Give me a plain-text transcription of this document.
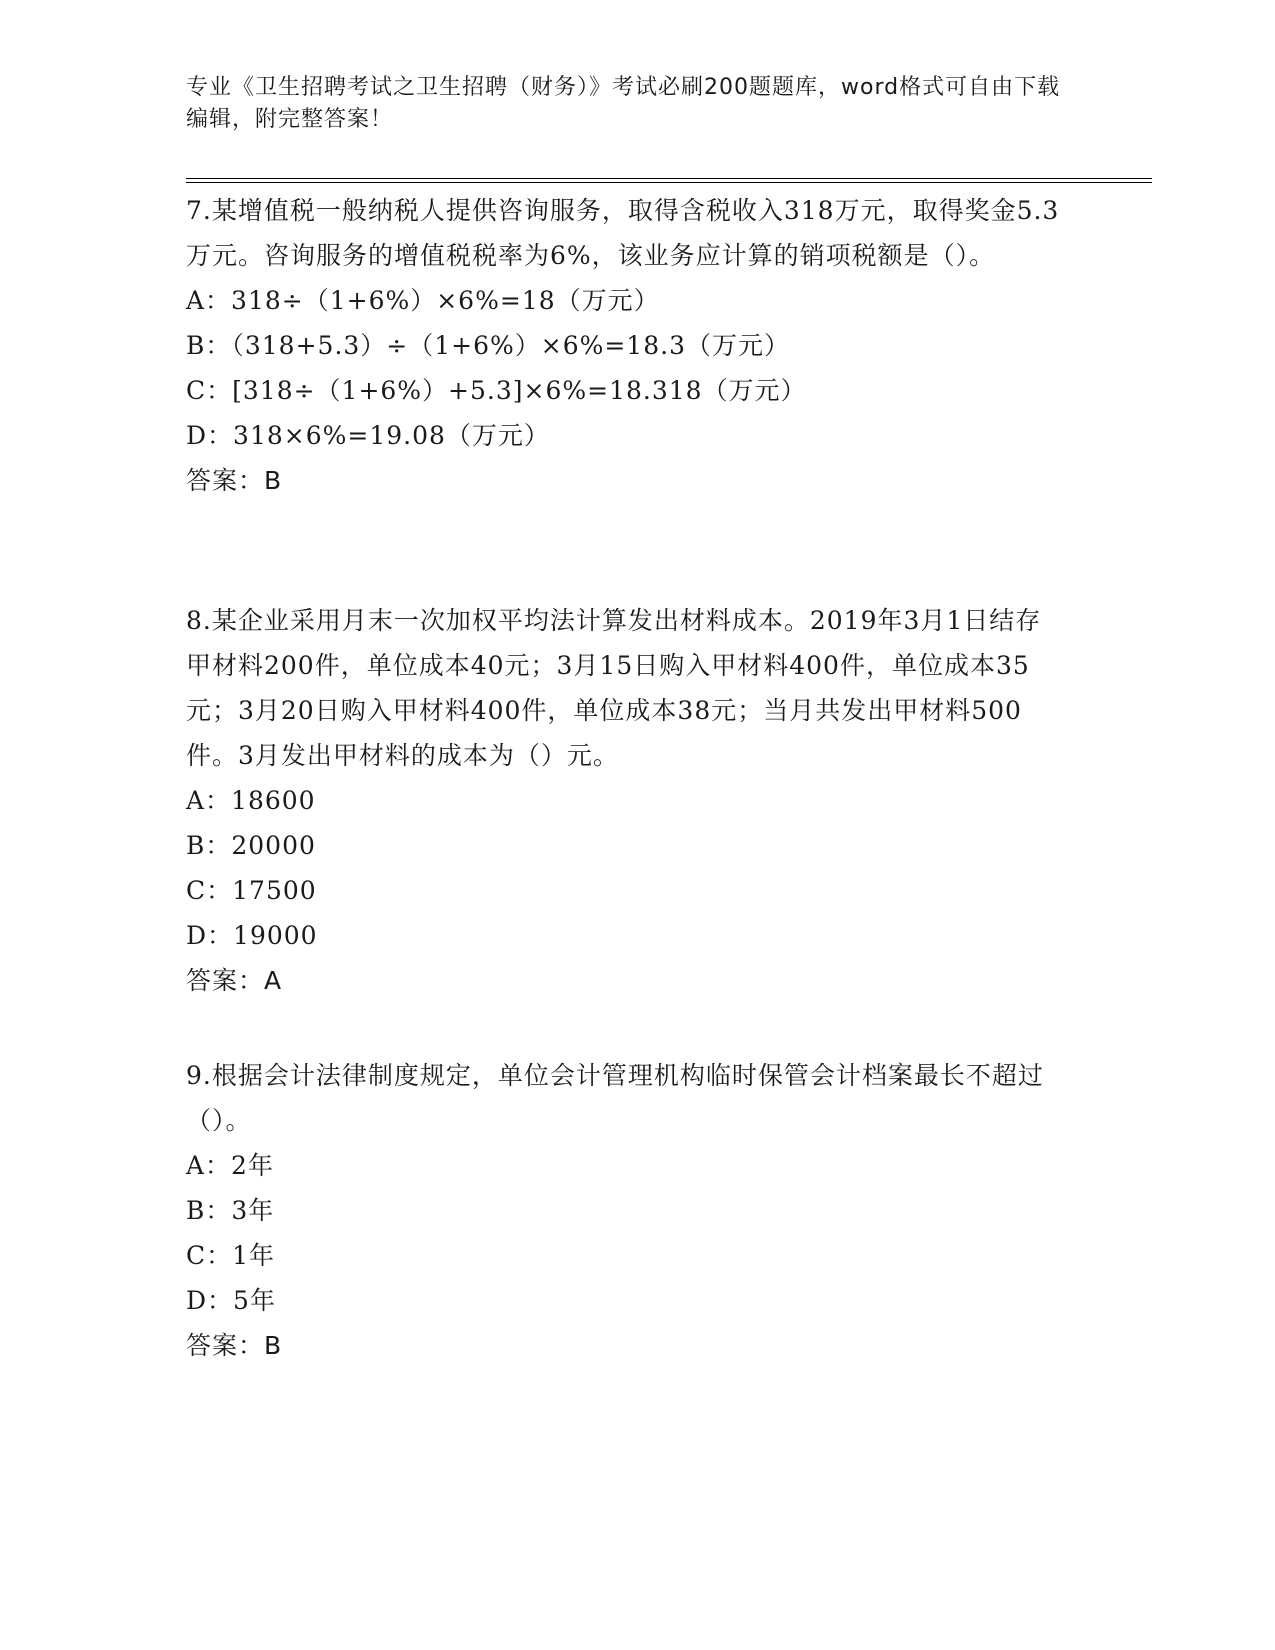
专业《卫生招聘考试之卫生招聘（财务）》考试必刷200题题库，word格式可自由下载编辑，附完整答案！

7.某增值税一般纳税人提供咨询服务，取得含税收入318万元，取得奖金5.3万元。咨询服务的增值税税率为6%，该业务应计算的销项税额是（）。

A：318÷（1+6%）×6%=18（万元）

B：（318+5.3）÷（1+6%）×6%=18.3（万元）

C：[318÷（1+6%）+5.3]×6%=18.318（万元）

D：318×6%=19.08（万元）

答案：B

8.某企业采用月末一次加权平均法计算发出材料成本。2019年3月1日结存甲材料200件，单位成本40元；3月15日购入甲材料400件，单位成本35元；3月20日购入甲材料400件，单位成本38元；当月共发出甲材料500件。3月发出甲材料的成本为（）元。

A：18600

B：20000

C：17500

D：19000

答案：A

9.根据会计法律制度规定，单位会计管理机构临时保管会计档案最长不超过（）。

A：2年

B：3年

C：1年

D：5年

答案：B
